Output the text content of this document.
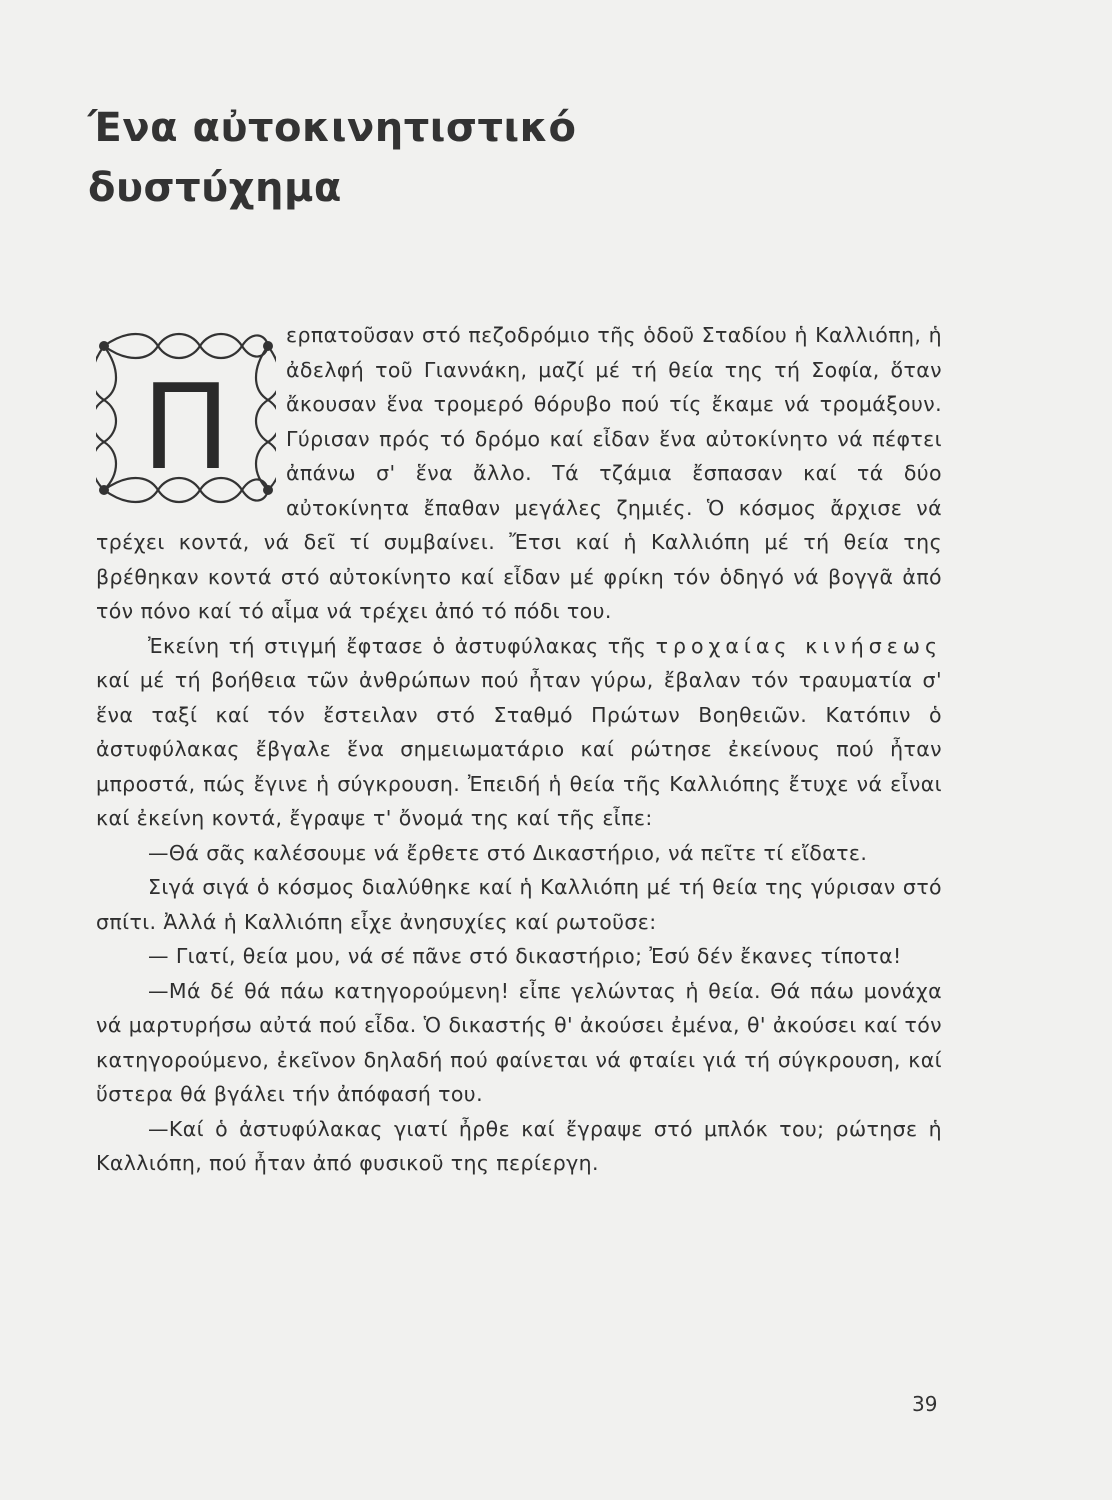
Ένα αὐτοκινητιστικό
δυστύχημα
Π

ερπατοῦσαν στό πεζοδρόμιο τῆς ὁδοῦ Σταδίου ἡ Καλλιόπη, ἡ ἀδελφή τοῦ Γιαννάκη, μαζί μέ τή θεία της τή Σοφία, ὅταν ἄκουσαν ἕνα τρομερό θόρυβο πού τίς ἔκαμε νά τρομάξουν. Γύρισαν πρός τό δρόμο καί εἶδαν ἕνα αὐτοκίνητο νά πέφτει ἀπάνω σ' ἕνα ἄλλο. Τά τζάμια ἔσπασαν καί τά δύο αὐτοκίνητα ἔπαθαν μεγάλες ζημιές. Ὁ κόσμος ἄρχισε νά τρέχει κοντά, νά δεῖ τί συμβαίνει. Ἔτσι καί ἡ Καλλιόπη μέ τή θεία της βρέθηκαν κοντά στό αὐτοκίνητο καί εἶδαν μέ φρίκη τόν ὁδηγό νά βογγᾶ ἀπό τόν πόνο καί τό αἷμα νά τρέχει ἀπό τό πόδι του.

Ἐκείνη τή στιγμή ἔφτασε ὁ ἀστυφύλακας τῆς τροχαίας κινήσεως καί μέ τή βοήθεια τῶν ἀνθρώπων πού ἦταν γύρω, ἔβαλαν τόν τραυματία σ' ἕνα ταξί καί τόν ἔστειλαν στό Σταθμό Πρώτων Βοηθειῶν. Κατόπιν ὁ ἀστυφύλακας ἔβγαλε ἕνα σημειωματάριο καί ρώτησε ἐκείνους πού ἦταν μπροστά, πώς ἔγινε ἡ σύγκρουση. Ἐπειδή ἡ θεία τῆς Καλλιόπης ἔτυχε νά εἶναι καί ἐκείνη κοντά, ἔγραψε τ' ὄνομά της καί τῆς εἶπε:

—Θά σᾶς καλέσουμε νά ἔρθετε στό Δικαστήριο, νά πεῖτε τί εἴδατε.

Σιγά σιγά ὁ κόσμος διαλύθηκε καί ἡ Καλλιόπη μέ τή θεία της γύρισαν στό σπίτι. Ἀλλά ἡ Καλλιόπη εἶχε ἀνησυχίες καί ρωτοῦσε:

— Γιατί, θεία μου, νά σέ πᾶνε στό δικαστήριο; Ἐσύ δέν ἔκανες τίποτα!

—Μά δέ θά πάω κατηγορούμενη! εἶπε γελώντας ἡ θεία. Θά πάω μονάχα νά μαρτυρήσω αὐτά πού εἶδα. Ὁ δικαστής θ' ἀκούσει ἐμένα, θ' ἀκούσει καί τόν κατηγορούμενο, ἐκεῖνον δηλαδή πού φαίνεται νά φταίει γιά τή σύγκρουση, καί ὕστερα θά βγάλει τήν ἀπόφασή του.

—Καί ὁ ἀστυφύλακας γιατί ἦρθε καί ἔγραψε στό μπλόκ του; ρώτησε ἡ Καλλιόπη, πού ἦταν ἀπό φυσικοῦ της περίεργη.

39
